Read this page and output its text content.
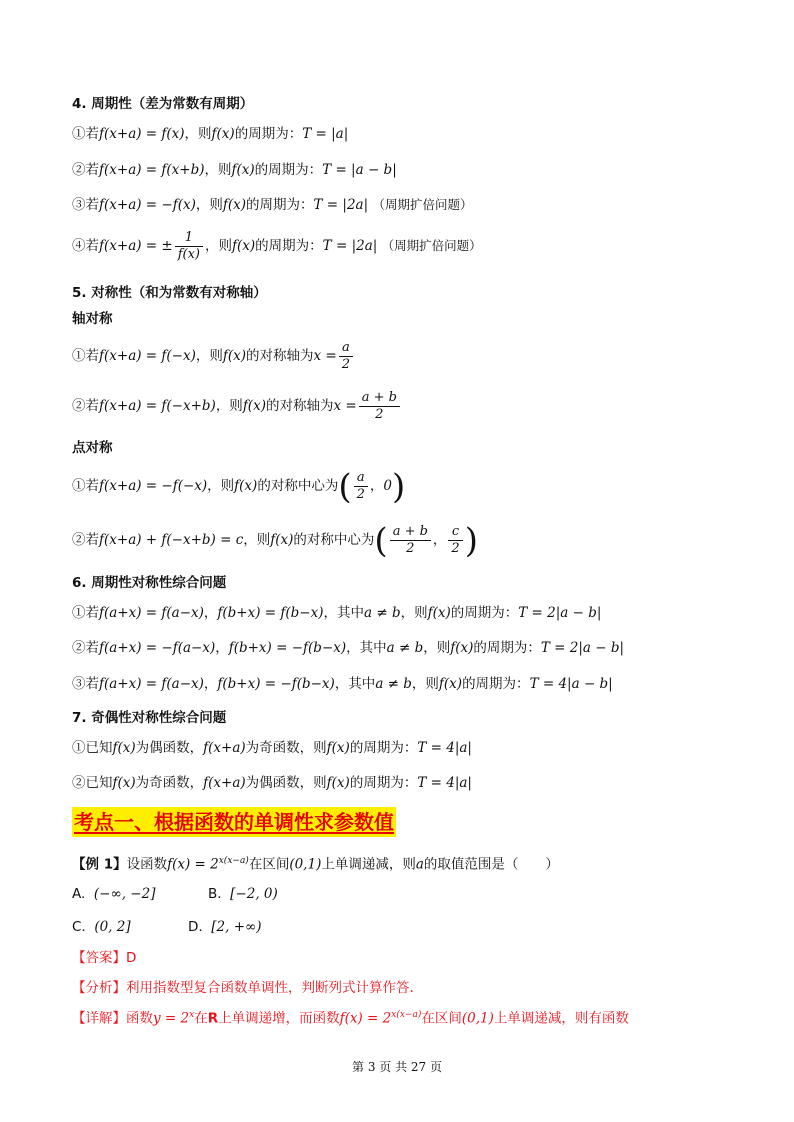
4. 周期性（差为常数有周期）
①若f(x+a) = f(x)，则f(x)的周期为：T = |a|
②若f(x+a) = f(x+b)，则f(x)的周期为：T = |a − b|
③若f(x+a) = −f(x)，则f(x)的周期为：T = |2a| （周期扩倍问题）
④若f(x+a) = ± $\frac{1}{f(x)}$ ，则f(x)的周期为：T = |2a| （周期扩倍问题）
5. 对称性（和为常数有对称轴）
轴对称
①若f(x+a) = f(−x)，则f(x)的对称轴为$x = \frac{a}{2}$
②若f(x+a) = f(−x+b)，则f(x)的对称轴为$x = \frac{a + b}{2}$
点对称
①若f(x+a) = −f(−x)，则f(x)的对称中心为( $\frac{a}{2}$ ，0)
②若f(x+a) + f(−x+b) = c，则f(x)的对称中心为( $\frac{a + b}{2}$ ， $\frac{c}{2}$ )
6. 周期性对称性综合问题
①若f(a+x) = f(a−x)，f(b+x) = f(b−x)，其中a ≠ b，则f(x)的周期为：T = 2|a − b|
②若f(a+x) = −f(a−x)，f(b+x) = −f(b−x)，其中a ≠ b，则f(x)的周期为：T = 2|a − b|
③若f(a+x) = f(a−x)，f(b+x) = −f(b−x)，其中a ≠ b，则f(x)的周期为：T = 4|a − b|
7. 奇偶性对称性综合问题
①已知f(x)为偶函数，f(x+a)为奇函数，则f(x)的周期为：T = 4|a|
②已知f(x)为奇函数，f(x+a)为偶函数，则f(x)的周期为：T = 4|a|
考点一、根据函数的单调性求参数值
【例 1】设函数$f(x) = 2^{x(x-a)}$在区间(0,1)上单调递减，则a的取值范围是（　　）
A. (−∞, −2]	B. [−2, 0)
C. (0, 2]	D. [2, +∞)
【答案】D
【分析】利用指数型复合函数单调性，判断列式计算作答.
【详解】函数$y = 2^x$在R上单调递增，而函数$f(x) = 2^{x(x-a)}$在区间(0,1)上单调递减，则有函数
第 3 页 共 27 页
